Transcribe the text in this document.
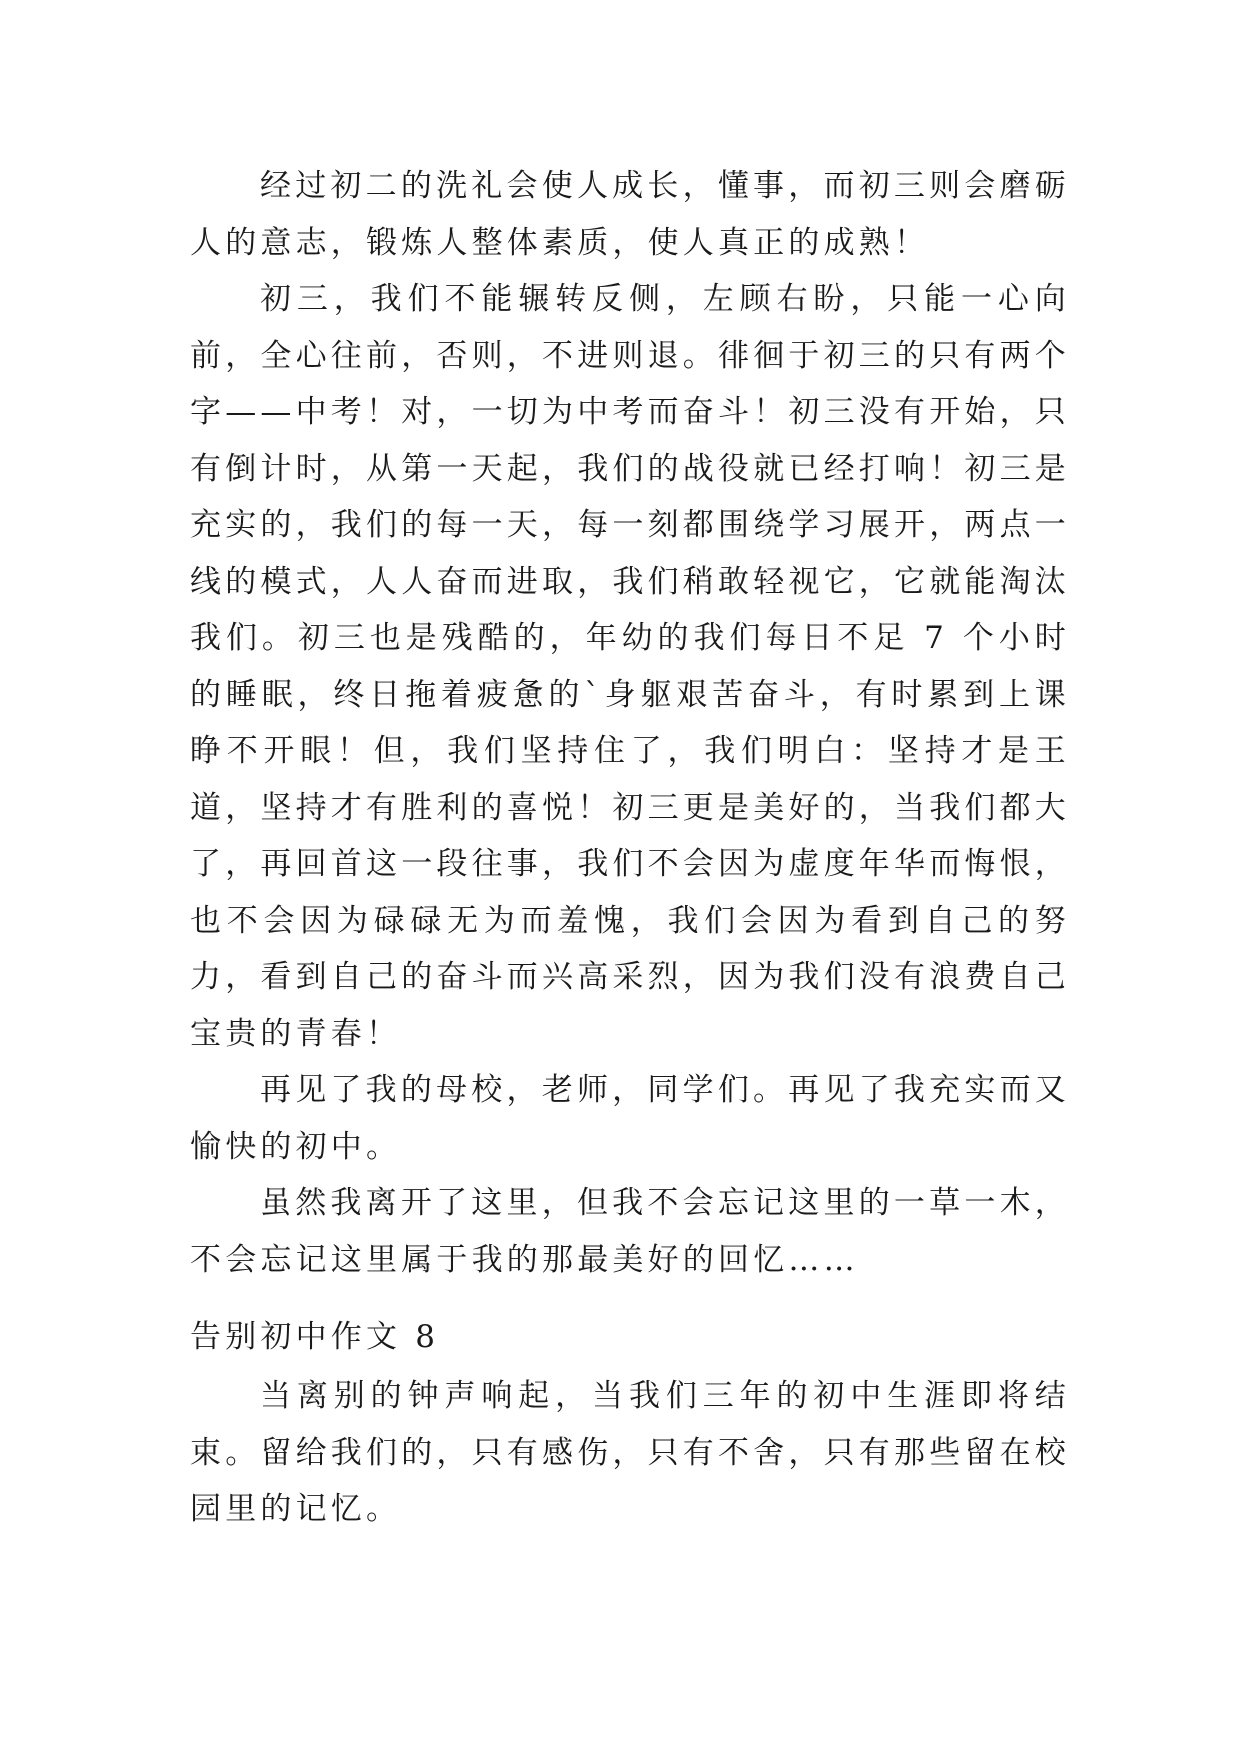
经过初二的洗礼会使人成长，懂事，而初三则会磨砺人的意志，锻炼人整体素质，使人真正的成熟！

初三，我们不能辗转反侧，左顾右盼，只能一心向前，全心往前，否则，不进则退。徘徊于初三的只有两个字——中考！对，一切为中考而奋斗！初三没有开始，只有倒计时，从第一天起，我们的战役就已经打响！初三是充实的，我们的每一天，每一刻都围绕学习展开，两点一线的模式，人人奋而进取，我们稍敢轻视它，它就能淘汰我们。初三也是残酷的，年幼的我们每日不足 7 个小时的睡眠，终日拖着疲惫的`身躯艰苦奋斗，有时累到上课睁不开眼！但，我们坚持住了，我们明白：坚持才是王道，坚持才有胜利的喜悦！初三更是美好的，当我们都大了，再回首这一段往事，我们不会因为虚度年华而悔恨，也不会因为碌碌无为而羞愧，我们会因为看到自己的努力，看到自己的奋斗而兴高采烈，因为我们没有浪费自己宝贵的青春！

再见了我的母校，老师，同学们。再见了我充实而又愉快的初中。

虽然我离开了这里，但我不会忘记这里的一草一木，不会忘记这里属于我的那最美好的回忆……

告别初中作文 8

当离别的钟声响起，当我们三年的初中生涯即将结束。留给我们的，只有感伤，只有不舍，只有那些留在校园里的记忆。
